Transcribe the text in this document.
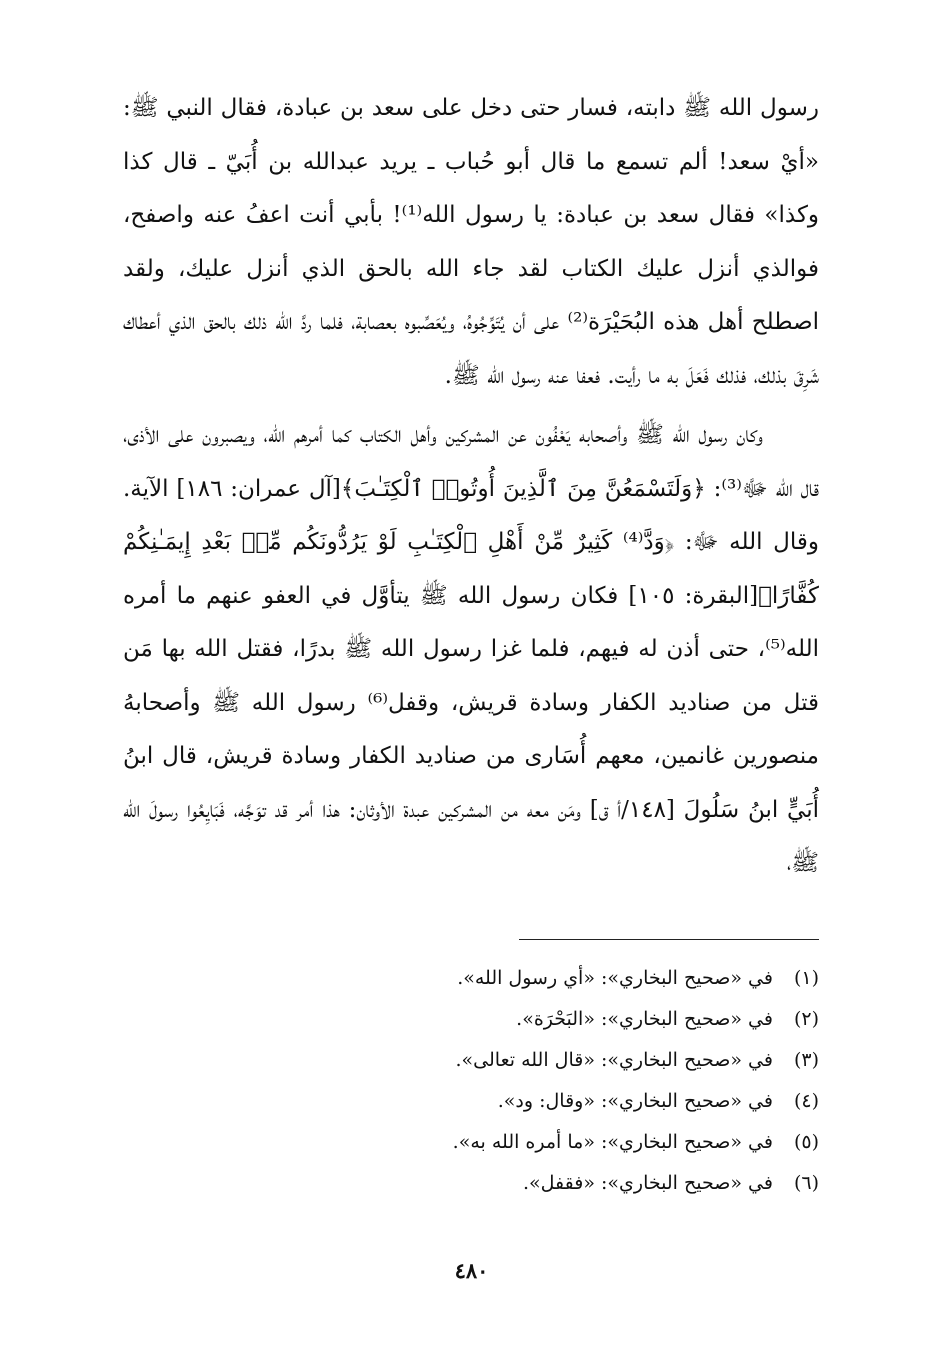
رسول الله ﷺ دابته، فسار حتى دخل على سعد بن عبادة، فقال النبي ﷺ: «أيْ سعد! ألم تسمع ما قال أبو حُباب ـ يريد عبدالله بن أُبَيّ ـ قال كذا وكذا» فقال سعد بن عبادة: يا رسول الله⁽¹⁾! بأبي أنت اعفُ عنه واصفح، فوالذي أنزل عليك الكتاب لقد جاء الله بالحق الذي أنزل عليك، ولقد اصطلح أهل هذه البُحَيْرَة⁽²⁾ على أن يُتَوِّجُوهُ، ويُعَصِّبوه بعصابة، فلما ردَّ الله ذلك بالحق الذي أعطاك شَرِقَ بذلك، فذلك فَعَلَ به ما رأيت. فعفا عنه رسول الله ﷺ.

وكان رسول الله ﷺ وأصحابه يَعْفُون عن المشركين وأهل الكتاب كما أمرهم الله، ويصبرون على الأذى، قال الله ﷻ⁽³⁾: ﴿وَلَتَسْمَعُنَّ مِنَ ٱلَّذِينَ أُوتُوا۟ ٱلْكِتَـٰبَ﴾[آل عمران: ١٨٦] الآية. وقال الله ﷻ: ﴿وَدَّ⁽⁴⁾ كَثِيرٌ مِّنْ أَهْلِ ٱلْكِتَـٰبِ لَوْ يَرُدُّونَكُم مِّنۢ بَعْدِ إِيمَـٰنِكُمْ كُفَّارًا﴾[البقرة: ١٠٥] فكان رسول الله ﷺ يتأوَّل في العفو عنهم ما أمره الله⁽⁵⁾، حتى أذن له فيهم، فلما غزا رسول الله ﷺ بدرًا، فقتل الله بها مَن قتل من صناديد الكفار وسادة قريش، وقفل⁽⁶⁾ رسول الله ﷺ وأصحابهُ منصورين غانمين، معهم أُسَارى من صناديد الكفار وسادة قريش، قال ابنُ أُبَيٍّ ابنُ سَلُولَ [١٤٨/أ ق] ومَن معه من المشركين عبدة الأوثان: هذا أمر قد توَجَّه، فَبَايِعُوا رسولَ الله ﷺ،

(١) في «صحيح البخاري»: «أي رسول الله».
(٢) في «صحيح البخاري»: «البَحْرَة».
(٣) في «صحيح البخاري»: «قال الله تعالى».
(٤) في «صحيح البخاري»: «وقال: ود».
(٥) في «صحيح البخاري»: «ما أمره الله به».
(٦) في «صحيح البخاري»: «فقفل».
٤٨٠
